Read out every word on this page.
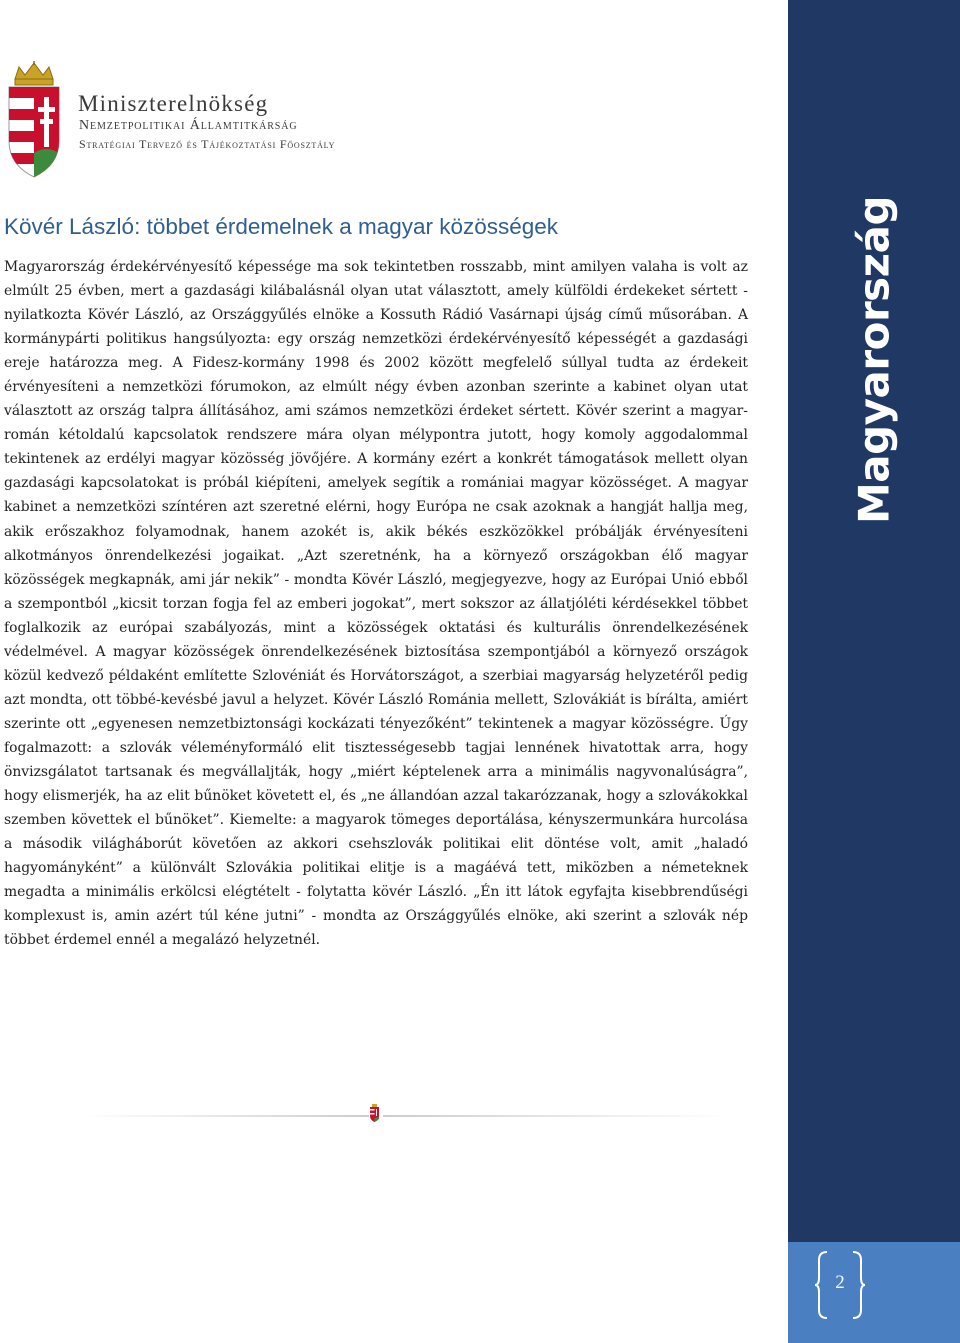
Miniszterelnökség
Nemzetpolitikai Államtitkárság
Stratégiai Tervező és Tájékoztatási Főosztály
Kövér László: többet érdemelnek a magyar közösségek

Magyarország érdekérvényesítő képessége ma sok tekintetben rosszabb, mint amilyen valaha is volt az elmúlt 25 évben, mert a gazdasági kilábalásnál olyan utat választott, amely külföldi érdekeket sértett - nyilatkozta Kövér László, az Országgyűlés elnöke a Kossuth Rádió Vasárnapi újság című műsorában. A kormánypárti politikus hangsúlyozta: egy ország nemzetközi érdekérvényesítő képességét a gazdasági ereje határozza meg. A Fidesz-kormány 1998 és 2002 között megfelelő súllyal tudta az érdekeit érvényesíteni a nemzetközi fórumokon, az elmúlt négy évben azonban szerinte a kabinet olyan utat választott az ország talpra állításához, ami számos nemzetközi érdeket sértett. Kövér szerint a magyar-román kétoldalú kapcsolatok rendszere mára olyan mélypontra jutott, hogy komoly aggodalommal tekintenek az erdélyi magyar közösség jövőjére. A kormány ezért a konkrét támogatások mellett olyan gazdasági kapcsolatokat is próbál kiépíteni, amelyek segítik a romániai magyar közösséget. A magyar kabinet a nemzetközi színtéren azt szeretné elérni, hogy Európa ne csak azoknak a hangját hallja meg, akik erőszakhoz folyamodnak, hanem azokét is, akik békés eszközökkel próbálják érvényesíteni alkotmányos önrendelkezési jogaikat. „Azt szeretnénk, ha a környező országokban élő magyar közösségek megkapnák, ami jár nekik” - mondta Kövér László, megjegyezve, hogy az Európai Unió ebből a szempontból „kicsit torzan fogja fel az emberi jogokat”, mert sokszor az állatjóléti kérdésekkel többet foglalkozik az európai szabályozás, mint a közösségek oktatási és kulturális önrendelkezésének védelmével. A magyar közösségek önrendelkezésének biztosítása szempontjából a környező országok közül kedvező példaként említette Szlovéniát és Horvátországot, a szerbiai magyarság helyzetéről pedig azt mondta, ott többé-kevésbé javul a helyzet. Kövér László Románia mellett, Szlovákiát is bírálta, amiért szerinte ott „egyenesen nemzetbiztonsági kockázati tényezőként” tekintenek a magyar közösségre. Úgy fogalmazott: a szlovák véleményformáló elit tisztességesebb tagjai lennének hivatottak arra, hogy önvizsgálatot tartsanak és megvállaljták, hogy „miért képtelenek arra a minimális nagyvonalúságra”, hogy elismerjék, ha az elit bűnöket követett el, és „ne állandóan azzal takarózzanak, hogy a szlovákokkal szemben követtek el bűnöket”. Kiemelte: a magyarok tömeges deportálása, kényszermunkára hurcolása a második világháborút követően az akkori csehszlovák politikai elit döntése volt, amit „haladó hagyományként” a különvált Szlovákia politikai elitje is a magáévá tett, miközben a németeknek megadta a minimális erkölcsi elégtételt - folytatta kövér László. „Én itt látok egyfajta kisebbrendűségi komplexust is, amin azért túl kéne jutni” - mondta az Országgyűlés elnöke, aki szerint a szlovák nép többet érdemel ennél a megalázó helyzetnél.

Magyarország
2
